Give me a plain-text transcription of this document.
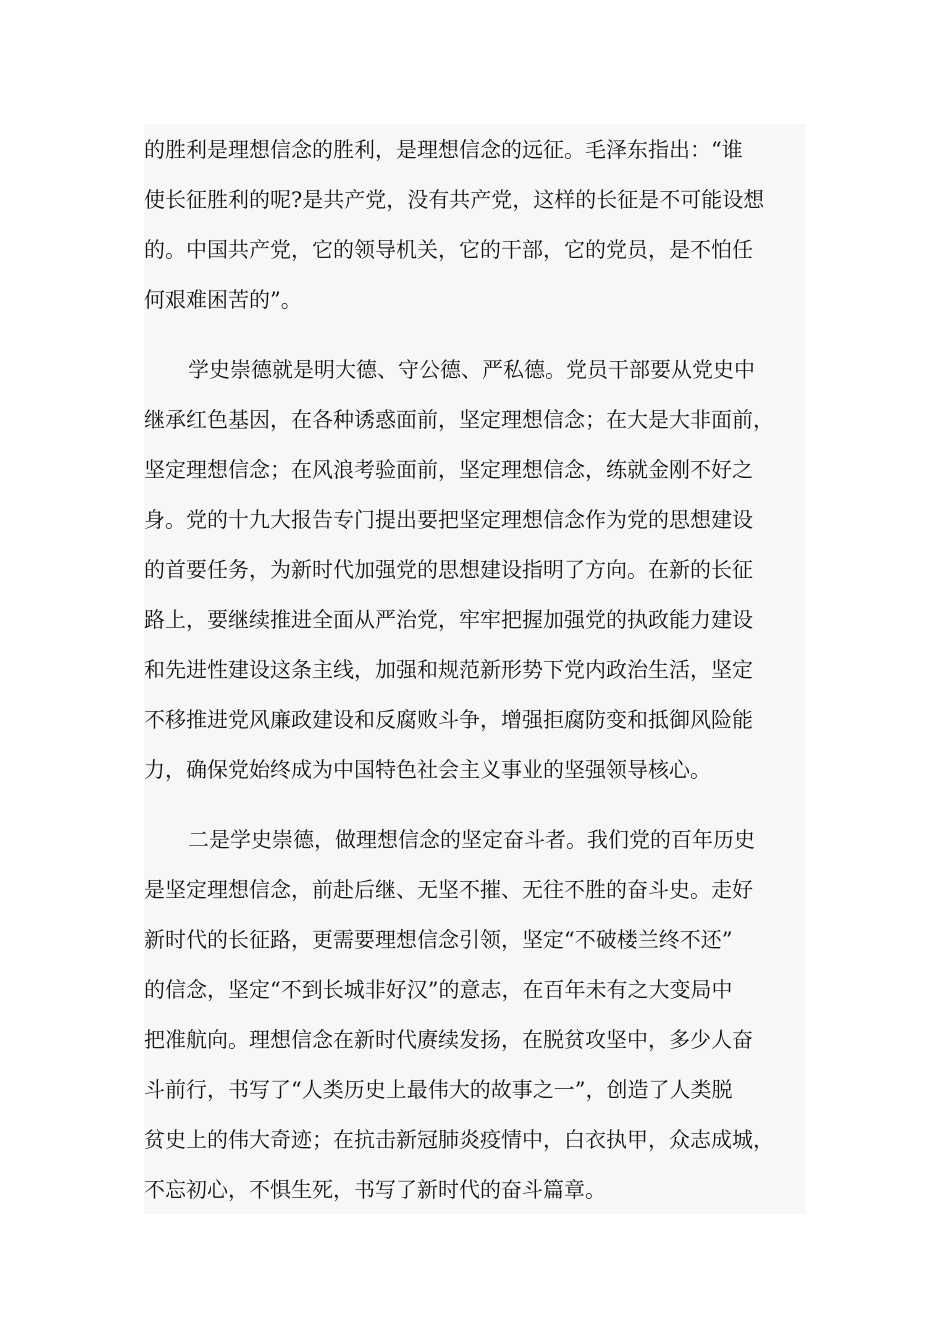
的胜利是理想信念的胜利，是理想信念的远征。毛泽东指出：“谁
使长征胜利的呢?是共产党，没有共产党，这样的长征是不可能设想
的。中国共产党，它的领导机关，它的干部，它的党员，是不怕任
何艰难困苦的”。
学史崇德就是明大德、守公德、严私德。党员干部要从党史中
继承红色基因，在各种诱惑面前，坚定理想信念；在大是大非面前，
坚定理想信念；在风浪考验面前，坚定理想信念，练就金刚不好之
身。党的十九大报告专门提出要把坚定理想信念作为党的思想建设
的首要任务，为新时代加强党的思想建设指明了方向。在新的长征
路上，要继续推进全面从严治党，牢牢把握加强党的执政能力建设
和先进性建设这条主线，加强和规范新形势下党内政治生活，坚定
不移推进党风廉政建设和反腐败斗争，增强拒腐防变和抵御风险能
力，确保党始终成为中国特色社会主义事业的坚强领导核心。
二是学史崇德，做理想信念的坚定奋斗者。我们党的百年历史
是坚定理想信念，前赴后继、无坚不摧、无往不胜的奋斗史。走好
新时代的长征路，更需要理想信念引领，坚定“不破楼兰终不还”
的信念，坚定“不到长城非好汉”的意志，在百年未有之大变局中
把准航向。理想信念在新时代赓续发扬，在脱贫攻坚中，多少人奋
斗前行，书写了“人类历史上最伟大的故事之一”，创造了人类脱
贫史上的伟大奇迹；在抗击新冠肺炎疫情中，白衣执甲，众志成城，
不忘初心，不惧生死，书写了新时代的奋斗篇章。
